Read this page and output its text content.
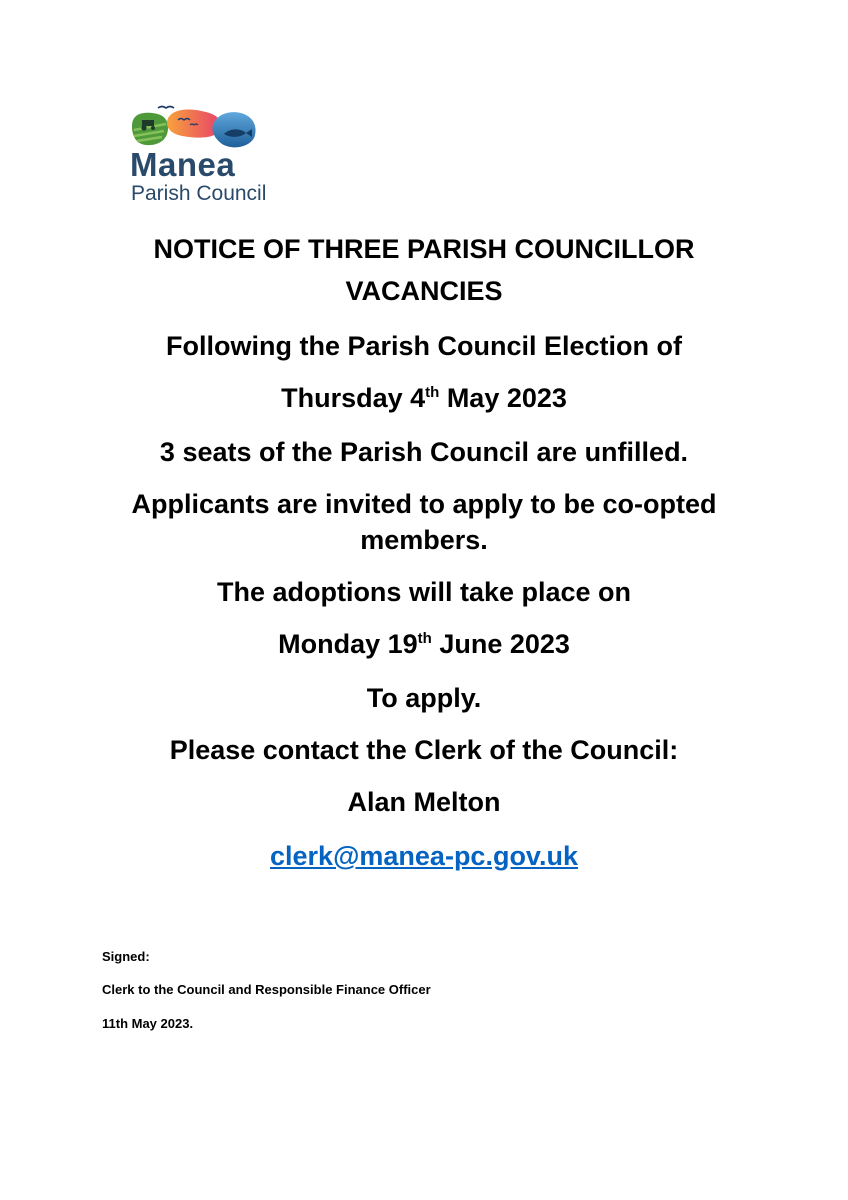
Manea
Parish Council

NOTICE OF THREE PARISH COUNCILLOR VACANCIES

Following the Parish Council Election of

Thursday 4th May 2023

3 seats of the Parish Council are unfilled.

Applicants are invited to apply to be co-opted members.

The adoptions will take place on

Monday 19th June 2023

To apply.

Please contact the Clerk of the Council:

Alan Melton

clerk@manea-pc.gov.uk

Signed:

Clerk to the Council and Responsible Finance Officer

11th May 2023.
